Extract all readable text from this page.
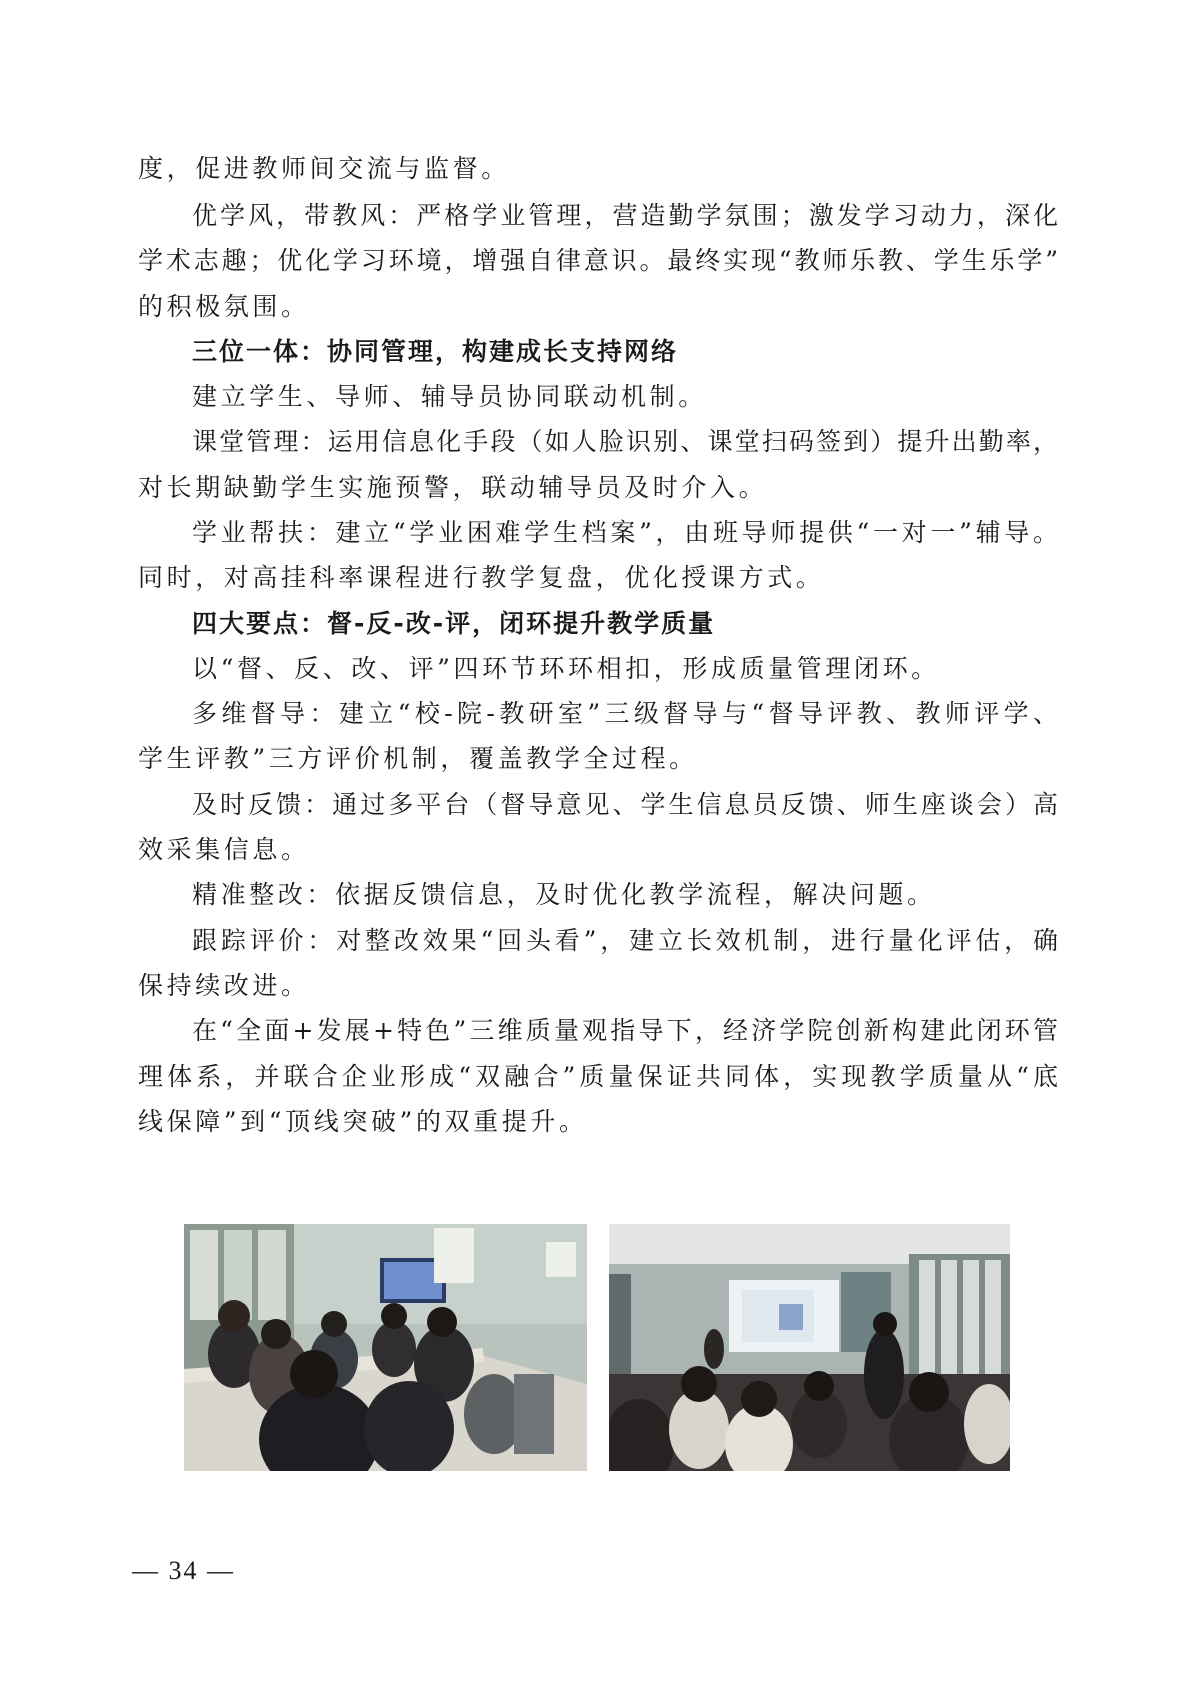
度，促进教师间交流与监督。
优学风，带教风：严格学业管理，营造勤学氛围；激发学习动力，深化
学术志趣；优化学习环境，增强自律意识。最终实现“教师乐教、学生乐学”
的积极氛围。
三位一体：协同管理，构建成长支持网络
建立学生、导师、辅导员协同联动机制。
课堂管理：运用信息化手段（如人脸识别、课堂扫码签到）提升出勤率，
对长期缺勤学生实施预警，联动辅导员及时介入。
学业帮扶：建立“学业困难学生档案”，由班导师提供“一对一”辅导。
同时，对高挂科率课程进行教学复盘，优化授课方式。
四大要点：督-反-改-评，闭环提升教学质量
以“督、反、改、评”四环节环环相扣，形成质量管理闭环。
多维督导：建立“校-院-教研室”三级督导与“督导评教、教师评学、
学生评教”三方评价机制，覆盖教学全过程。
及时反馈：通过多平台（督导意见、学生信息员反馈、师生座谈会）高
效采集信息。
精准整改：依据反馈信息，及时优化教学流程，解决问题。
跟踪评价：对整改效果“回头看”，建立长效机制，进行量化评估，确
保持续改进。
在“全面+发展+特色”三维质量观指导下，经济学院创新构建此闭环管
理体系，并联合企业形成“双融合”质量保证共同体，实现教学质量从“底
线保障”到“顶线突破”的双重提升。
— 34 —
